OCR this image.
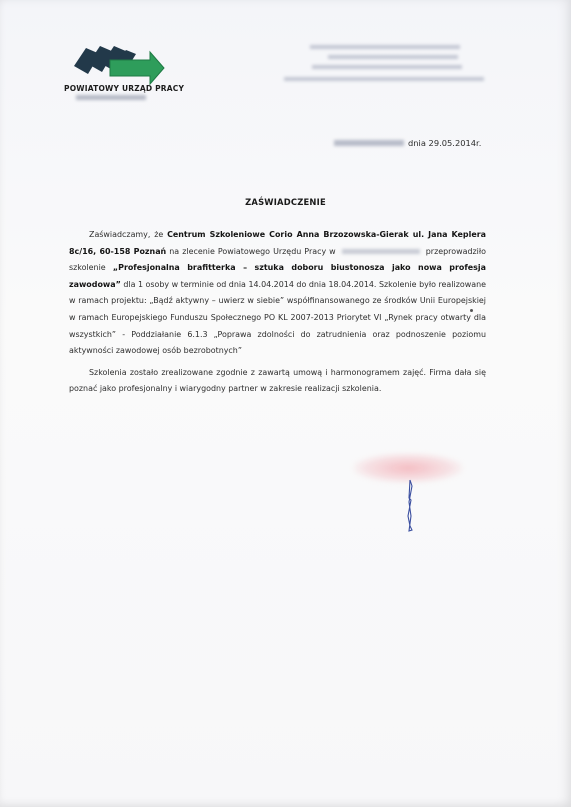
POWIATOWY URZĄD PRACY
dnia 29.05.2014r.
ZAŚWIADCZENIE

Zaświadczamy, że Centrum Szkoleniowe Corio Anna Brzozowska-Gierak ul. Jana Keplera 8c/16, 60-158 Poznań na zlecenie Powiatowego Urzędu Pracy w	przeprowadziło szkolenie „Profesjonalna brafitterka – sztuka doboru biustonosza jako nowa profesja zawodowa” dla 1 osoby w terminie od dnia 14.04.2014 do dnia 18.04.2014. Szkolenie było realizowane w ramach projektu: „Bądź aktywny – uwierz w siebie” współfinansowanego ze środków Unii Europejskiej w ramach Europejskiego Funduszu Społecznego PO KL 2007-2013 Priorytet VI „Rynek pracy otwarty dla wszystkich” - Poddziałanie 6.1.3 „Poprawa zdolności do zatrudnienia oraz podnoszenie poziomu aktywności zawodowej osób bezrobotnych”

Szkolenia zostało zrealizowane zgodnie z zawartą umową i harmonogramem zajęć. Firma dała się poznać jako profesjonalny i wiarygodny partner w zakresie realizacji szkolenia.
